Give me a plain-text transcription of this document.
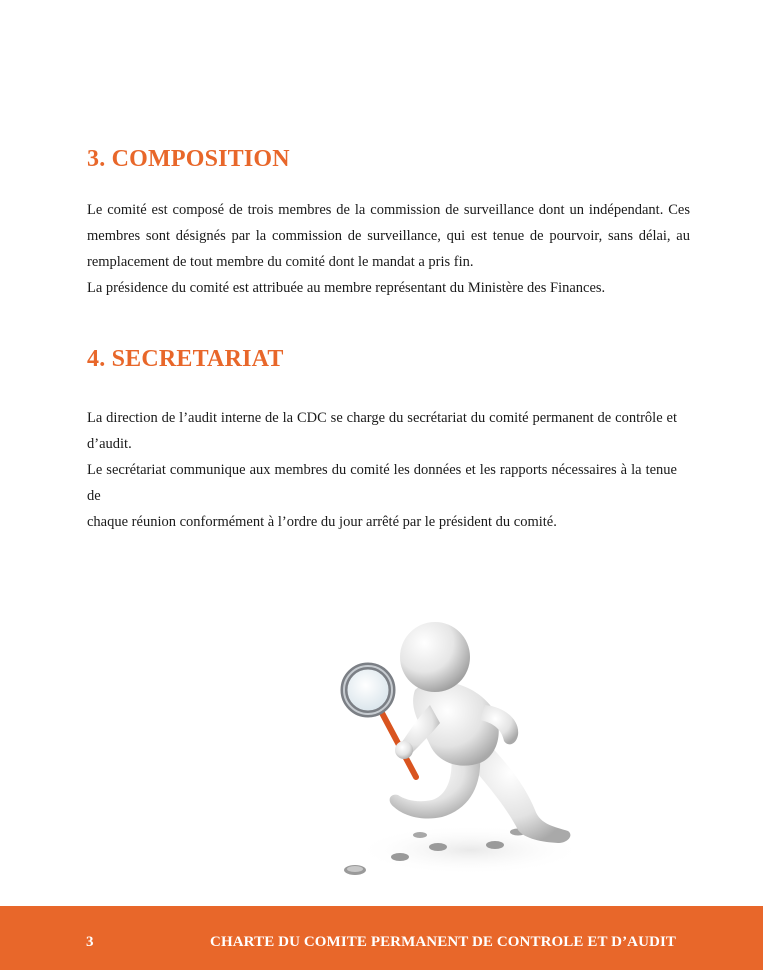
3. COMPOSITION

Le comité est composé de trois membres de la commission de surveillance dont un indépendant. Ces
membres sont désignés par la commission de surveillance, qui est tenue de pourvoir, sans délai, au
remplacement de tout membre du comité dont le mandat a pris fin.
La présidence du comité est attribuée au membre représentant du Ministère des Finances.

4. SECRETARIAT

La direction de l’audit interne de la CDC se charge du secrétariat du comité permanent de contrôle et
d’audit.
Le secrétariat communique aux membres du comité les données et les rapports nécessaires à la tenue de
chaque réunion conformément à l’ordre du jour arrêté par le président du comité.

3	CHARTE DU COMITE PERMANENT DE CONTROLE ET D’AUDIT
